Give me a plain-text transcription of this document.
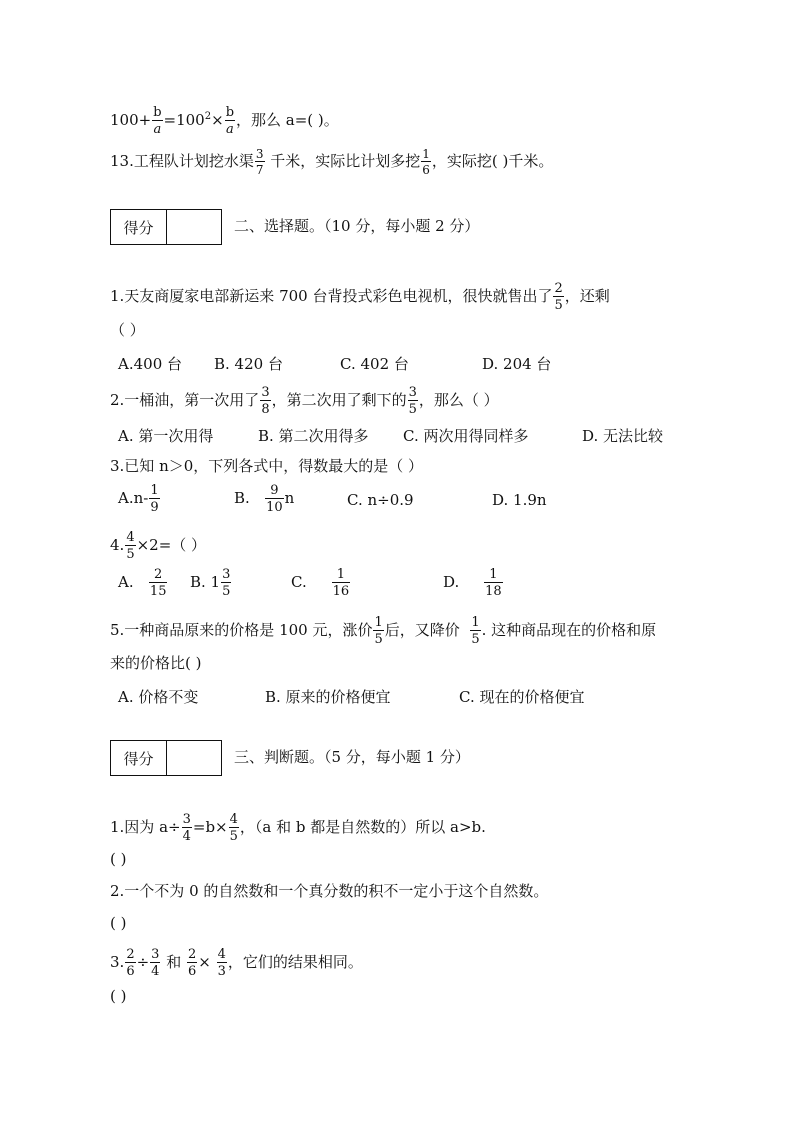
$100+ \frac{b}{a} =100^2\times \frac{b}{a}$ ，那么 a=( )。
13.工程队计划挖水渠 $\frac{3}{7}$ 千米，实际比计划多挖 $\frac{1}{6}$ ，实际挖( )千米。
得分	二、选择题。（10 分，每小题 2 分）
1.天友商厦家电部新运来 700 台背投式彩色电视机，很快就售出了 $\frac{2}{5}$ ，还剩
（ ）
A.400 台 B. 420 台	C. 402 台	D. 204 台
2.一桶油，第一次用了 $\frac{3}{8}$ ，第二次用了剩下的 $\frac{3}{5}$ ，那么（ ）
A. 第一次用得	B. 第二次用得多 C. 两次用得同样多	D. 无法比较
3.已知 n＞0，下列各式中，得数最大的是（ ）
$A.n- \frac{1}{9}$	B. $\frac{9}{10}$ n	C. n÷0.9	D. 1.9n
4. $\frac{4}{5} \times 2=$（ ）
A. $\frac{2}{15} B$. $1 \frac{3}{5}$	C. $\frac{1}{16}$	D. $\frac{1}{18}$
5.一种商品原来的价格是 100 元，涨价 $\frac{1}{5}$ 后，又降价 $\frac{1}{5}$ . 这种商品现在的价格和原
来的价格比( )
A. 价格不变	B. 原来的价格便宜	C. 现在的价格便宜
得分	三、判断题。（5 分，每小题 1 分）
1.因为 $a\div \frac{3}{4} =b\times \frac{4}{5}$ ，（a 和 b 都是自然数的）所以 a>b.
( )
2.一个不为 0 的自然数和一个真分数的积不一定小于这个自然数。
( )
3. $\frac{2}{6} \div \frac{3}{4}$ 和 $\frac{2}{6} \times \frac{4}{3}$ ，它们的结果相同。
( )
